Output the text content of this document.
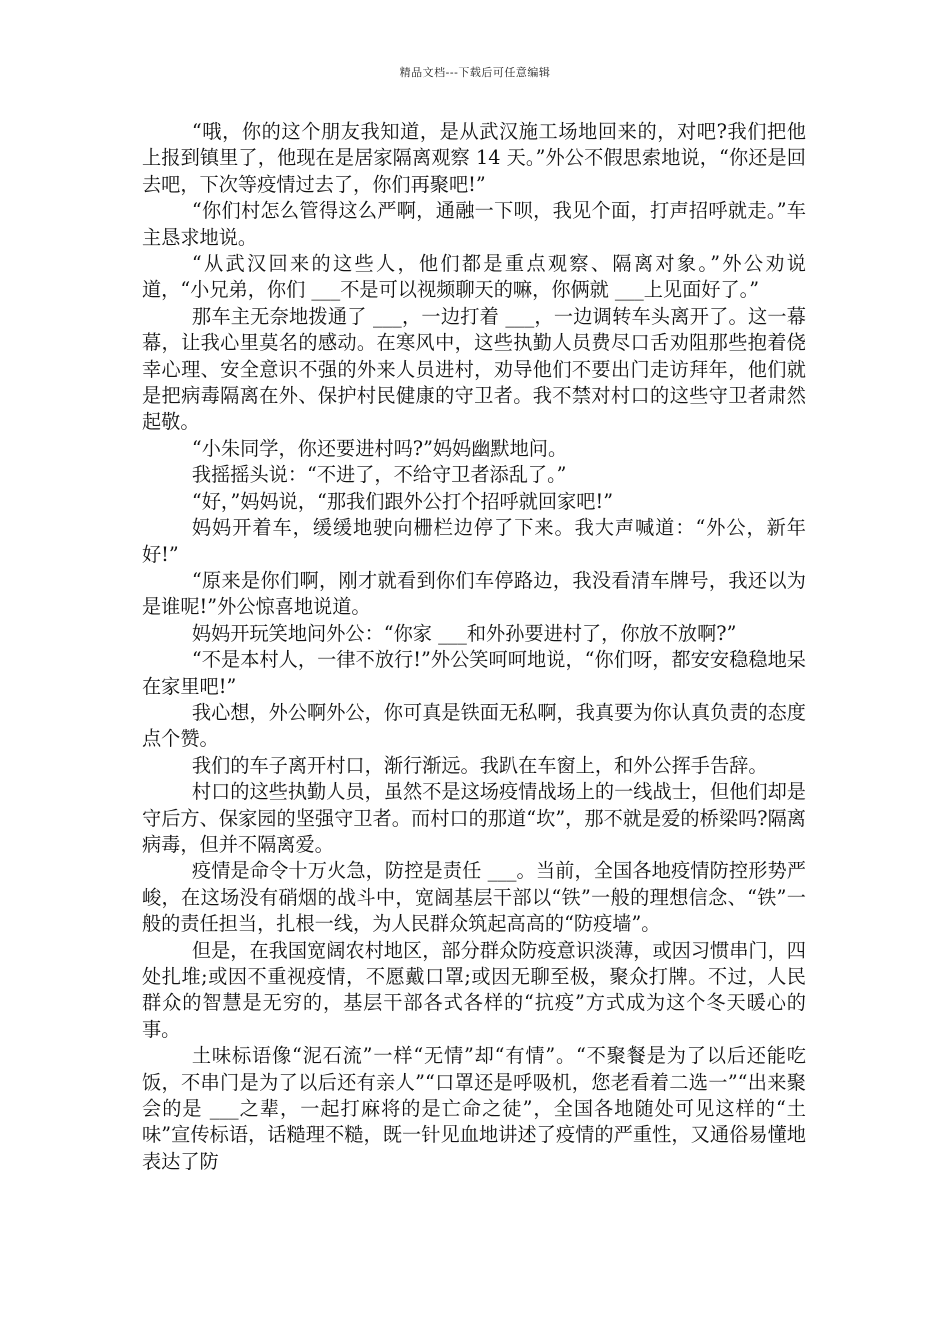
精品文档---下载后可任意编辑

“哦，你的这个朋友我知道，是从武汉施工场地回来的，对吧?我们把他上报到镇里了，他现在是居家隔离观察 14 天。”外公不假思索地说，“你还是回去吧，下次等疫情过去了，你们再聚吧!”

“你们村怎么管得这么严啊，通融一下呗，我见个面，打声招呼就走。”车主恳求地说。

“从武汉回来的这些人，他们都是重点观察、隔离对象。”外公劝说道，“小兄弟，你们 ___不是可以视频聊天的嘛，你俩就 ___上见面好了。”

那车主无奈地拨通了 ___，一边打着 ___，一边调转车头离开了。这一幕幕，让我心里莫名的感动。在寒风中，这些执勤人员费尽口舌劝阻那些抱着侥幸心理、安全意识不强的外来人员进村，劝导他们不要出门走访拜年，他们就是把病毒隔离在外、保护村民健康的守卫者。我不禁对村口的这些守卫者肃然起敬。

“小朱同学，你还要进村吗?”妈妈幽默地问。

我摇摇头说：“不进了，不给守卫者添乱了。”

“好，”妈妈说，“那我们跟外公打个招呼就回家吧!”

妈妈开着车，缓缓地驶向栅栏边停了下来。我大声喊道：“外公，新年好!”

“原来是你们啊，刚才就看到你们车停路边，我没看清车牌号，我还以为是谁呢!”外公惊喜地说道。

妈妈开玩笑地问外公：“你家 ___和外孙要进村了，你放不放啊?”

“不是本村人，一律不放行!”外公笑呵呵地说，“你们呀，都安安稳稳地呆在家里吧!”

我心想，外公啊外公，你可真是铁面无私啊，我真要为你认真负责的态度点个赞。

我们的车子离开村口，渐行渐远。我趴在车窗上，和外公挥手告辞。

村口的这些执勤人员，虽然不是这场疫情战场上的一线战士，但他们却是守后方、保家园的坚强守卫者。而村口的那道“坎”，那不就是爱的桥梁吗?隔离病毒，但并不隔离爱。

疫情是命令十万火急，防控是责任 ___。当前，全国各地疫情防控形势严峻，在这场没有硝烟的战斗中，宽阔基层干部以“铁”一般的理想信念、“铁”一般的责任担当，扎根一线，为人民群众筑起高高的“防疫墙”。

但是，在我国宽阔农村地区，部分群众防疫意识淡薄，或因习惯串门，四处扎堆;或因不重视疫情，不愿戴口罩;或因无聊至极，聚众打牌。不过，人民群众的智慧是无穷的，基层干部各式各样的“抗疫”方式成为这个冬天暖心的事。

土味标语像“泥石流”一样“无情”却“有情”。“不聚餐是为了以后还能吃饭，不串门是为了以后还有亲人”“口罩还是呼吸机，您老看着二选一”“出来聚会的是 ___之辈，一起打麻将的是亡命之徒”，全国各地随处可见这样的“土味”宣传标语，话糙理不糙，既一针见血地讲述了疫情的严重性，又通俗易懂地表达了防
